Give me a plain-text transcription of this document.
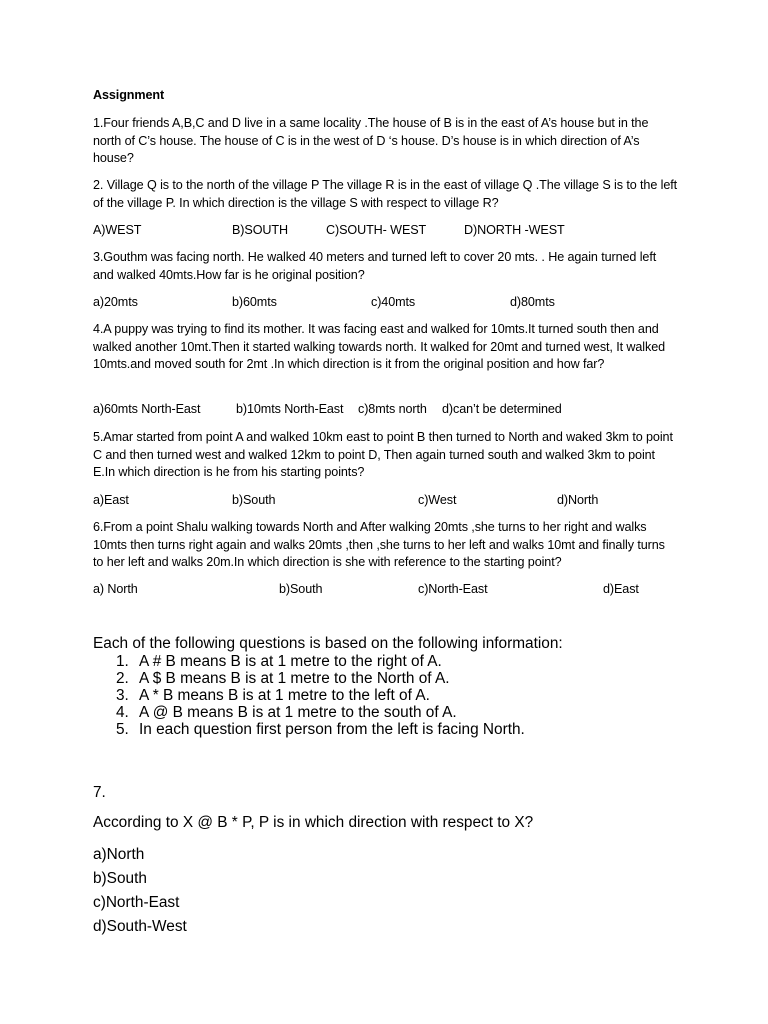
Assignment

1.Four friends A,B,C and D live in a same locality .The house of B is in the east of A’s house but in the north of C’s house. The house of C is in the west of D ‘s house. D’s house is in which direction of A’s house?

2. Village Q is to the north of the village P The village R is in the east of village Q .The village S is to the left of the village P. In which direction is the village S with respect to village R?

A)WEST	B)SOUTH	C)SOUTH- WEST	D)NORTH -WEST

3.Gouthm was facing north. He walked 40 meters and turned left to cover 20 mts. . He again turned left and walked 40mts.How far is he original position?

a)20mts	b)60mts	c)40mts	d)80mts

4.A puppy was trying to find its mother. It was facing east and walked for 10mts.It turned south then and walked another 10mt.Then it started walking towards north. It walked for 20mt and turned west, It walked 10mts.and moved south for 2mt .In which direction is it from the original position and how far?

a)60mts North-East	b)10mts North-East c)8mts north d)can’t be determined

5.Amar started from point A and walked 10km east to point B then turned to North and waked 3km to point C and then turned west and walked 12km to point D, Then again turned south and walked 3km to point E.In which direction is he from his starting points?

a)East	b)South	c)West	d)North

6.From a point Shalu walking towards North and After walking 20mts ,she turns to her right and walks 10mts then turns right again and walks 20mts ,then ,she turns to her left and walks 10mt and finally turns to her left and walks 20m.In which direction is she with reference to the starting point?

a) North	b)South	c)North-East	d)East
Each of the following questions is based on the following information:
1. A # B means B is at 1 metre to the right of A.
2. A $ B means B is at 1 metre to the North of A.
3. A * B means B is at 1 metre to the left of A.
4. A @ B means B is at 1 metre to the south of A.
5. In each question first person from the left is facing North.
7.
According to X @ B * P, P is in which direction with respect to X?
a)North
b)South
c)North-East
d)South-West
